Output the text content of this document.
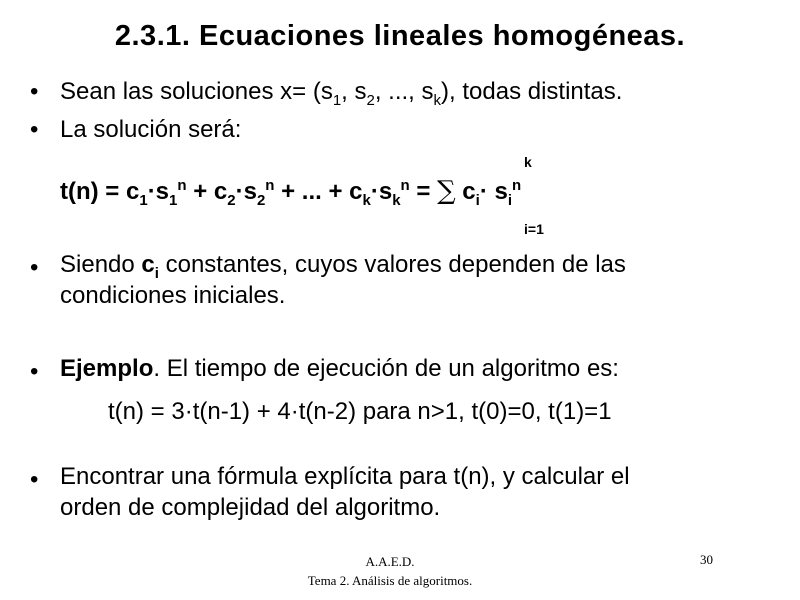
2.3.1. Ecuaciones lineales homogéneas.
• Sean las soluciones $x= (s_1$, $s_2$, ..., $s_k$), todas distintas.
• La solución será:
k
$t(n) = c_1\cdot s_1^n + c_2\cdot s_2^n$ + ... + $c_k\cdot s_k^n$ = ∑ $c_i\cdot s_i^n$
i=1
• Siendo $c_i$ constantes, cuyos valores dependen de las
condiciones iniciales.
• Ejemplo. El tiempo de ejecución de un algoritmo es:
t(n) = 3·t(n-1) + 4·t(n-2) para n>1, t(0)=0, t(1)=1
• Encontrar una fórmula explícita para t(n), y calcular el
orden de complejidad del algoritmo.
A.A.E.D.
Tema 2. Análisis de algoritmos.
30
